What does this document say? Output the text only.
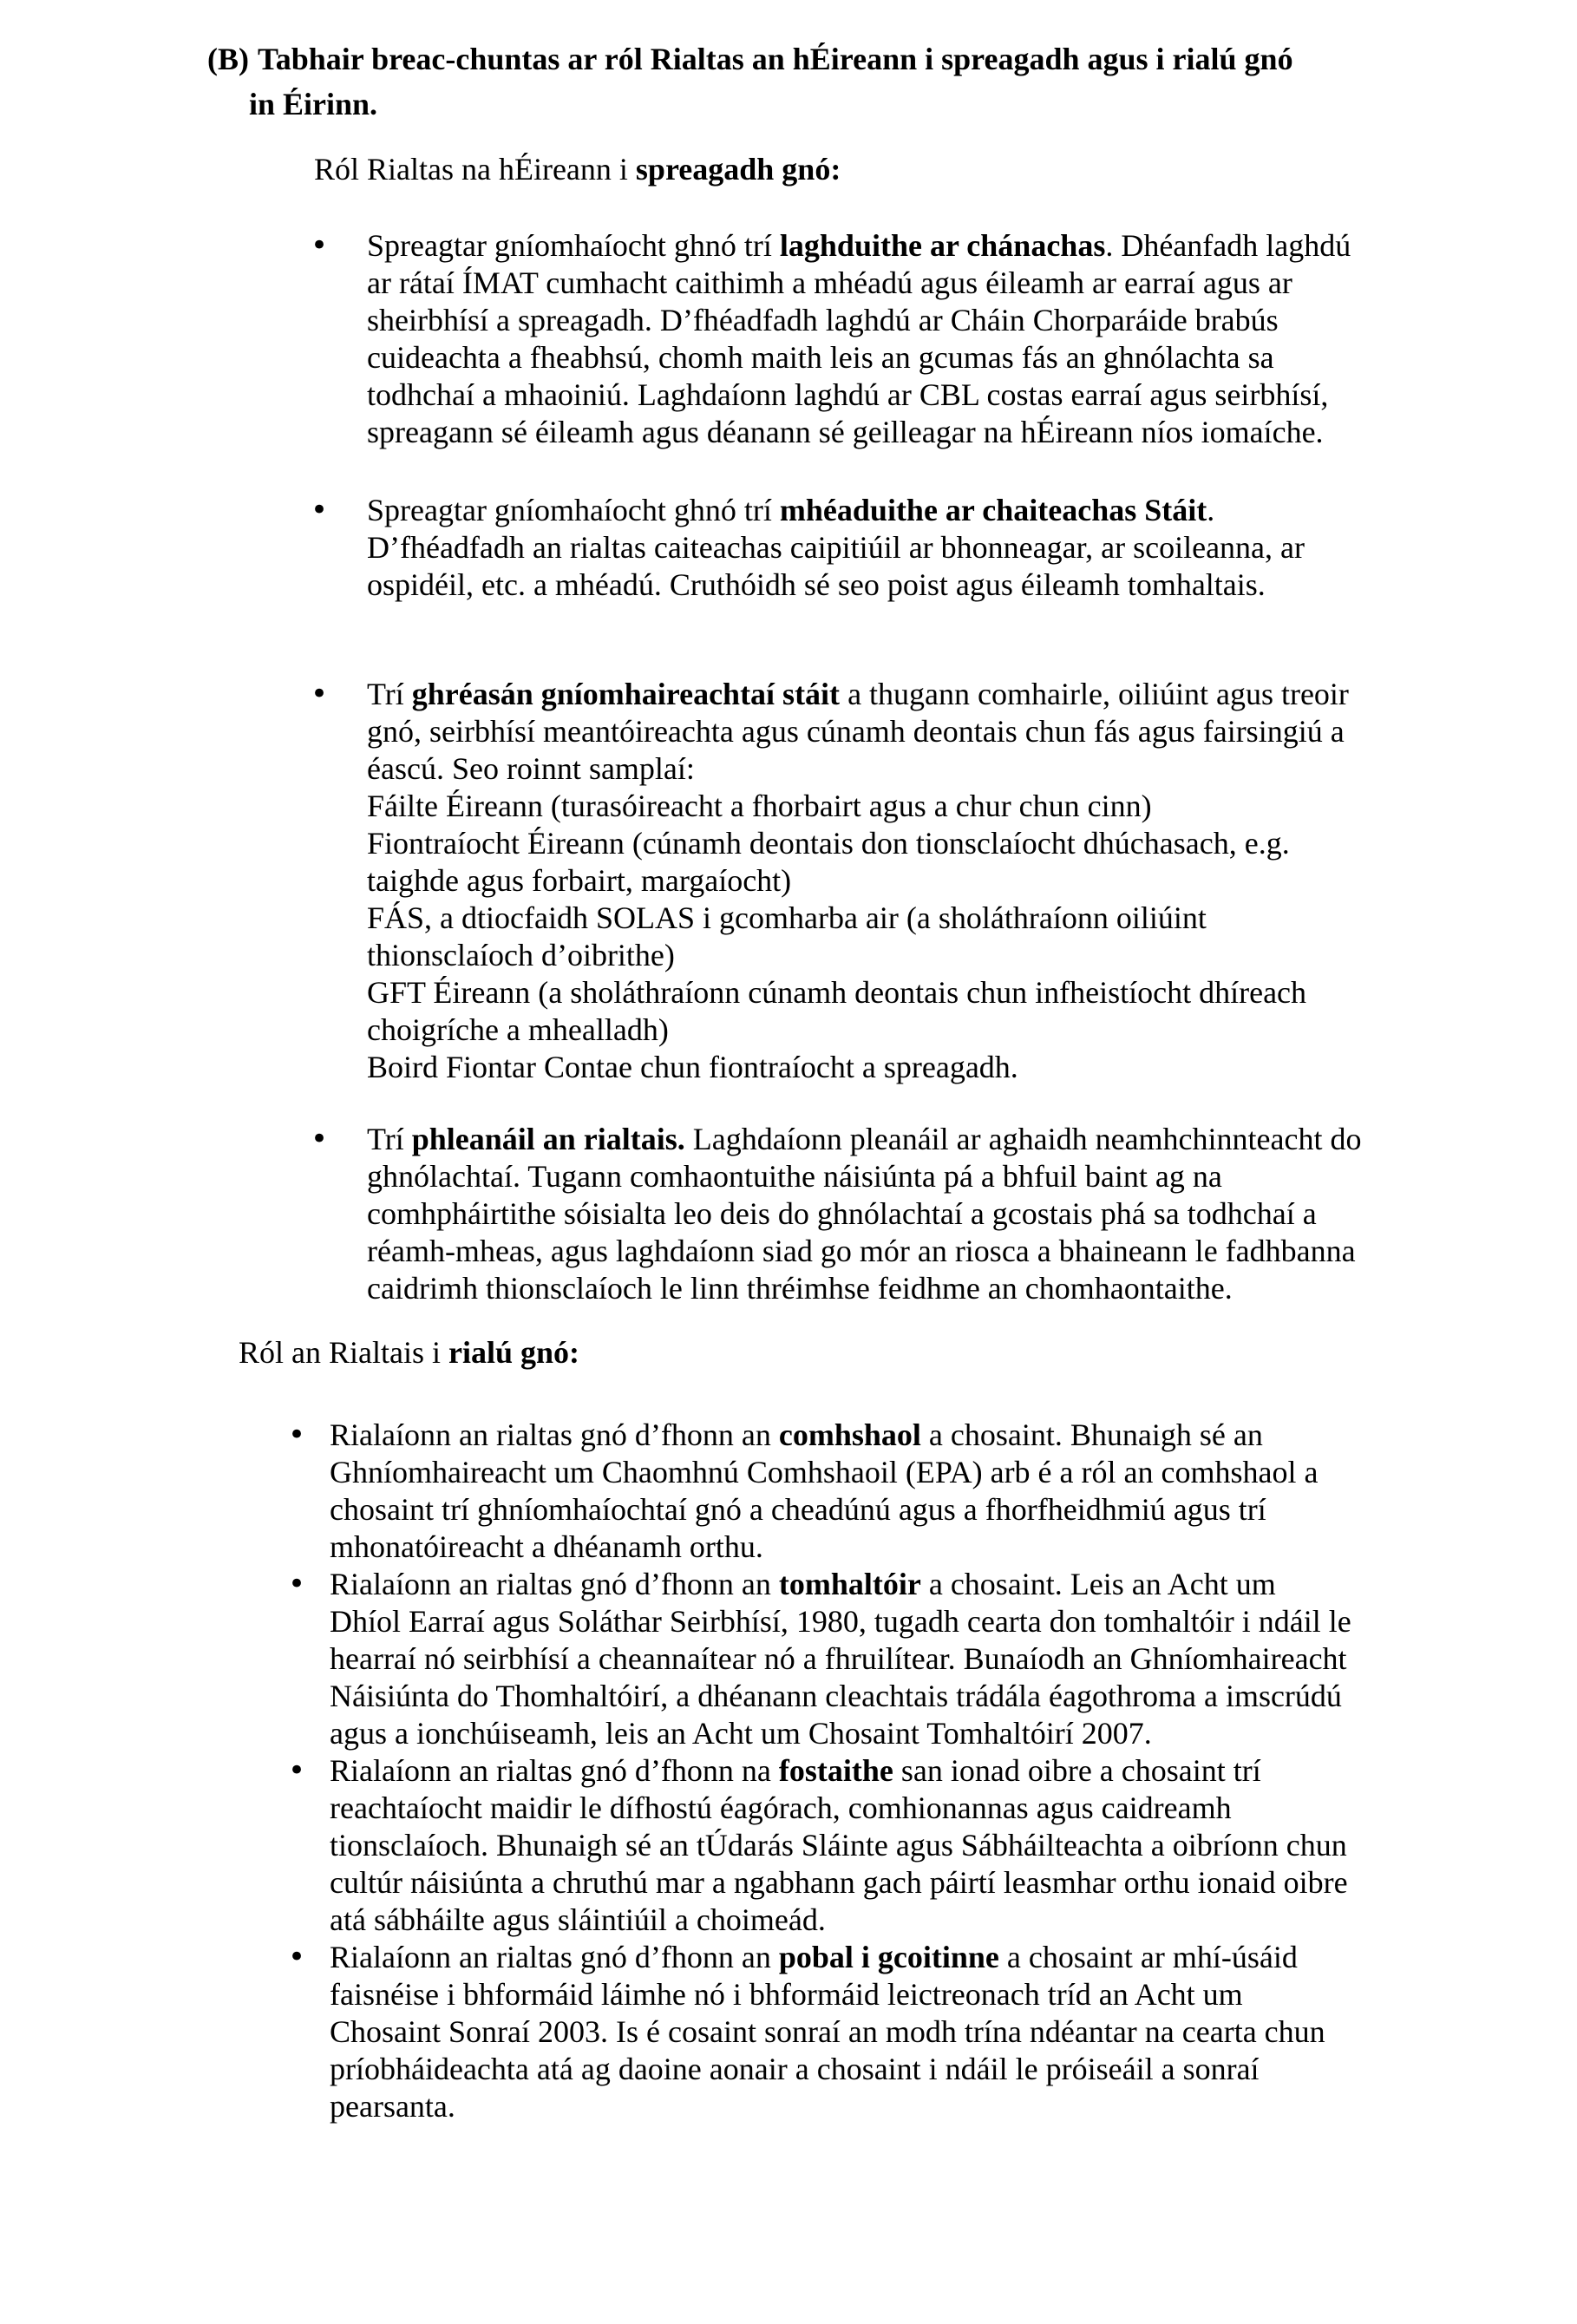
(B) Tabhair breac-chuntas ar ról Rialtas an hÉireann i spreagadh agus i rialú gnó in Éirinn.
Ról Rialtas na hÉireann i spreagadh gnó:
• Spreagtar gníomhaíocht ghnó trí laghduithe ar chánachas. Dhéanfadh laghdú ar rátaí ÍMAT cumhacht caithimh a mhéadú agus éileamh ar earraí agus ar sheirbhísí a spreagadh. D’fhéadfadh laghdú ar Cháin Chorparáide brabús cuideachta a fheabhsú, chomh maith leis an gcumas fás an ghnólachta sa todhchaí a mhaoiniú. Laghdaíonn laghdú ar CBL costas earraí agus seirbhísí, spreagann sé éileamh agus déanann sé geilleagar na hÉireann níos iomaíche.
• Spreagtar gníomhaíocht ghnó trí mhéaduithe ar chaiteachas Stáit. D’fhéadfadh an rialtas caiteachas caipitiúil ar bhonneagar, ar scoileanna, ar ospidéil, etc. a mhéadú. Cruthóidh sé seo poist agus éileamh tomhaltais.
• Trí ghréasán gníomhaireachtaí stáit a thugann comhairle, oiliúint agus treoir gnó, seirbhísí meantóireachta agus cúnamh deontais chun fás agus fairsingiú a éascú. Seo roinnt samplaí:
Fáilte Éireann (turasóireacht a fhorbairt agus a chur chun cinn)
Fiontraíocht Éireann (cúnamh deontais don tionsclaíocht dhúchasach, e.g. taighde agus forbairt, margaíocht)
FÁS, a dtiocfaidh SOLAS i gcomharba air (a sholáthraíonn oiliúint thionsclaíoch d’oibrithe)
GFT Éireann (a sholáthraíonn cúnamh deontais chun infheistíocht dhíreach choigríche a mhealladh)
Boird Fiontar Contae chun fiontraíocht a spreagadh.
• Trí phleanáil an rialtais. Laghdaíonn pleanáil ar aghaidh neamhchinnteacht do ghnólachtaí. Tugann comhaontuithe náisiúnta pá a bhfuil baint ag na comhpháirtithe sóisialta leo deis do ghnólachtaí a gcostais phá sa todhchaí a réamh-mheas, agus laghdaíonn siad go mór an riosca a bhaineann le fadhbanna caidrimh thionsclaíoch le linn thréimhse feidhme an chomhaontaithe.
Ról an Rialtais i rialú gnó:
• Rialaíonn an rialtas gnó d’fhonn an comhshaol a chosaint. Bhunaigh sé an Ghníomhaireacht um Chaomhnú Comhshaoil (EPA) arb é a ról an comhshaol a chosaint trí ghníomhaíochtaí gnó a cheadúnú agus a fhorfheidhmiú agus trí mhonatóireacht a dhéanamh orthu.
• Rialaíonn an rialtas gnó d’fhonn an tomhaltóir a chosaint. Leis an Acht um Dhíol Earraí agus Soláthar Seirbhísí, 1980, tugadh cearta don tomhaltóir i ndáil le hearraí nó seirbhísí a cheannaítear nó a fhruilítear. Bunaíodh an Ghníomhaireacht Náisiúnta do Thomhaltóirí, a dhéanann cleachtais trádála éagothroma a imscrúdú agus a ionchúiseamh, leis an Acht um Chosaint Tomhaltóirí 2007.
• Rialaíonn an rialtas gnó d’fhonn na fostaithe san ionad oibre a chosaint trí reachtaíocht maidir le dífhostú éagórach, comhionannas agus caidreamh tionsclaíoch. Bhunaigh sé an tÚdarás Sláinte agus Sábháilteachta a oibríonn chun cultúr náisiúnta a chruthú mar a ngabhann gach páirtí leasmhar orthu ionaid oibre atá sábháilte agus sláintiúil a choimeád.
• Rialaíonn an rialtas gnó d’fhonn an pobal i gcoitinne a chosaint ar mhí-úsáid faisnéise i bhformáid láimhe nó i bhformáid leictreonach tríd an Acht um Chosaint Sonraí 2003. Is é cosaint sonraí an modh trína ndéantar na cearta chun príobháideachta atá ag daoine aonair a chosaint i ndáil le próiseáil a sonraí pearsanta.
